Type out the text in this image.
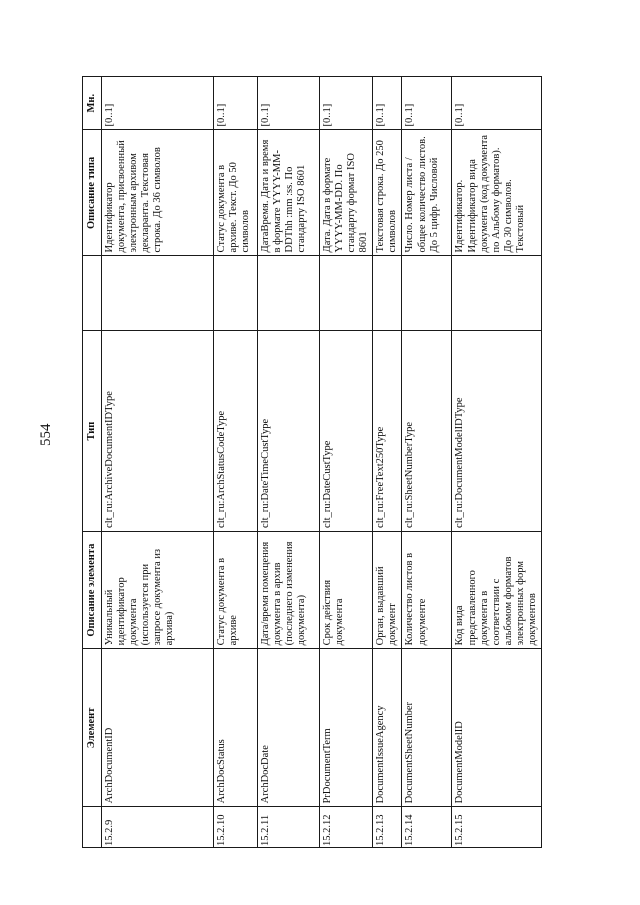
554
	Элемент	Описание элемента	Тип		Описание типа	Мн.
15.2.9	ArchDocumentID	Уникальный идентификатор документа (используется при запросе документа из архива)	clt_ru:ArchiveDocumentIDType		Идентификатор документа, присвоенный электронным архивом декларанта. Текстовая строка. До 36 символов	[0..1]
15.2.10	ArchDocStatus	Статус документа в архиве	clt_ru:ArchStatusCodeType		Статус документа в архиве. Текст. До 50 символов	[0..1]
15.2.11	ArchDocDate	Дата/время помещения документа в архив (последнего изменения документа)	clt_ru:DateTimeCustType		ДатаВремя. Дата и время в формате YYYY-MM-DDThh :mm :ss. По стандарту ISO 8601	[0..1]
15.2.12	PrDocumentTerm	Срок действия документа	clt_ru:DateCustType		Дата. Дата в формате YYYY-MM-DD. По стандарту формат ISO 8601	[0..1]
15.2.13	DocumentIssueAgency	Орган, выдавший документ	clt_ru:FreeText250Type		Текстовая строка. До 250 символов	[0..1]
15.2.14	DocumentSheetNumber	Количество листов в документе	clt_ru:SheetNumberType		Число. Номер листа / общее количество листов. До 5 цифр. Числовой	[0..1]
15.2.15	DocumentModelID	Код вида представленного документа в соответствии с альбомом форматов электронных форм документов	clt_ru:DocumentModelIDType		Идентификатор. Идентификатор вида документа (код документа по Альбому форматов). До 30 символов. Текстовый	[0..1]
